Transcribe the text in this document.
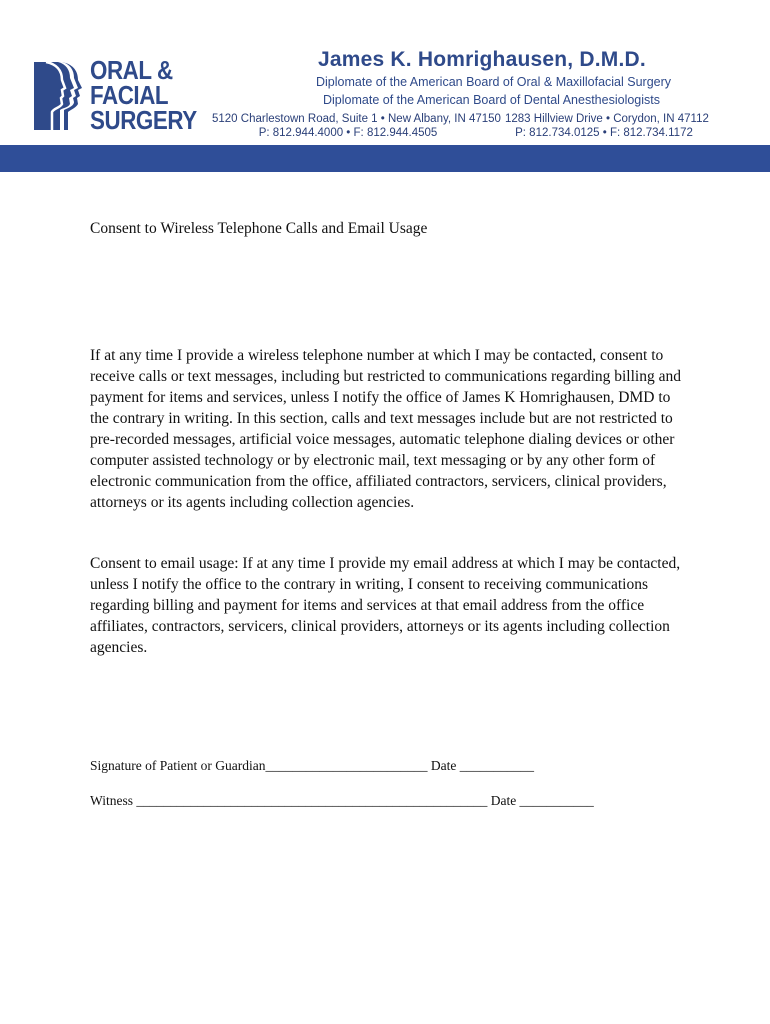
ORAL &
FACIAL
SURGERY
James K. Homrighausen, D.M.D.
Diplomate of the American Board of Oral & Maxillofacial Surgery
Diplomate of the American Board of Dental Anesthesiologists
5120 Charlestown Road, Suite 1 • New Albany, IN 47150
P: 812.944.4000 • F: 812.944.4505
1283 Hillview Drive • Corydon, IN 47112
P: 812.734.0125 • F: 812.734.1172
Consent to Wireless Telephone Calls and Email Usage
If at any time I provide a wireless telephone number at which I may be contacted, consent to receive calls or text messages, including but restricted to communications regarding billing and payment for items and services, unless I notify the office of James K Homrighausen, DMD to the contrary in writing. In this section, calls and text messages include but are not restricted to pre-recorded messages, artificial voice messages, automatic telephone dialing devices or other computer assisted technology or by electronic mail, text messaging or by any other form of electronic communication from the office, affiliated contractors, servicers, clinical providers, attorneys or its agents including collection agencies.
Consent to email usage: If at any time I provide my email address at which I may be contacted, unless I notify the office to the contrary in writing, I consent to receiving communications regarding billing and payment for items and services at that email address from the office affiliates, contractors, servicers, clinical providers, attorneys or its agents including collection agencies.
Signature of Patient or Guardian________________________ Date ___________
Witness ____________________________________________________ Date ___________
